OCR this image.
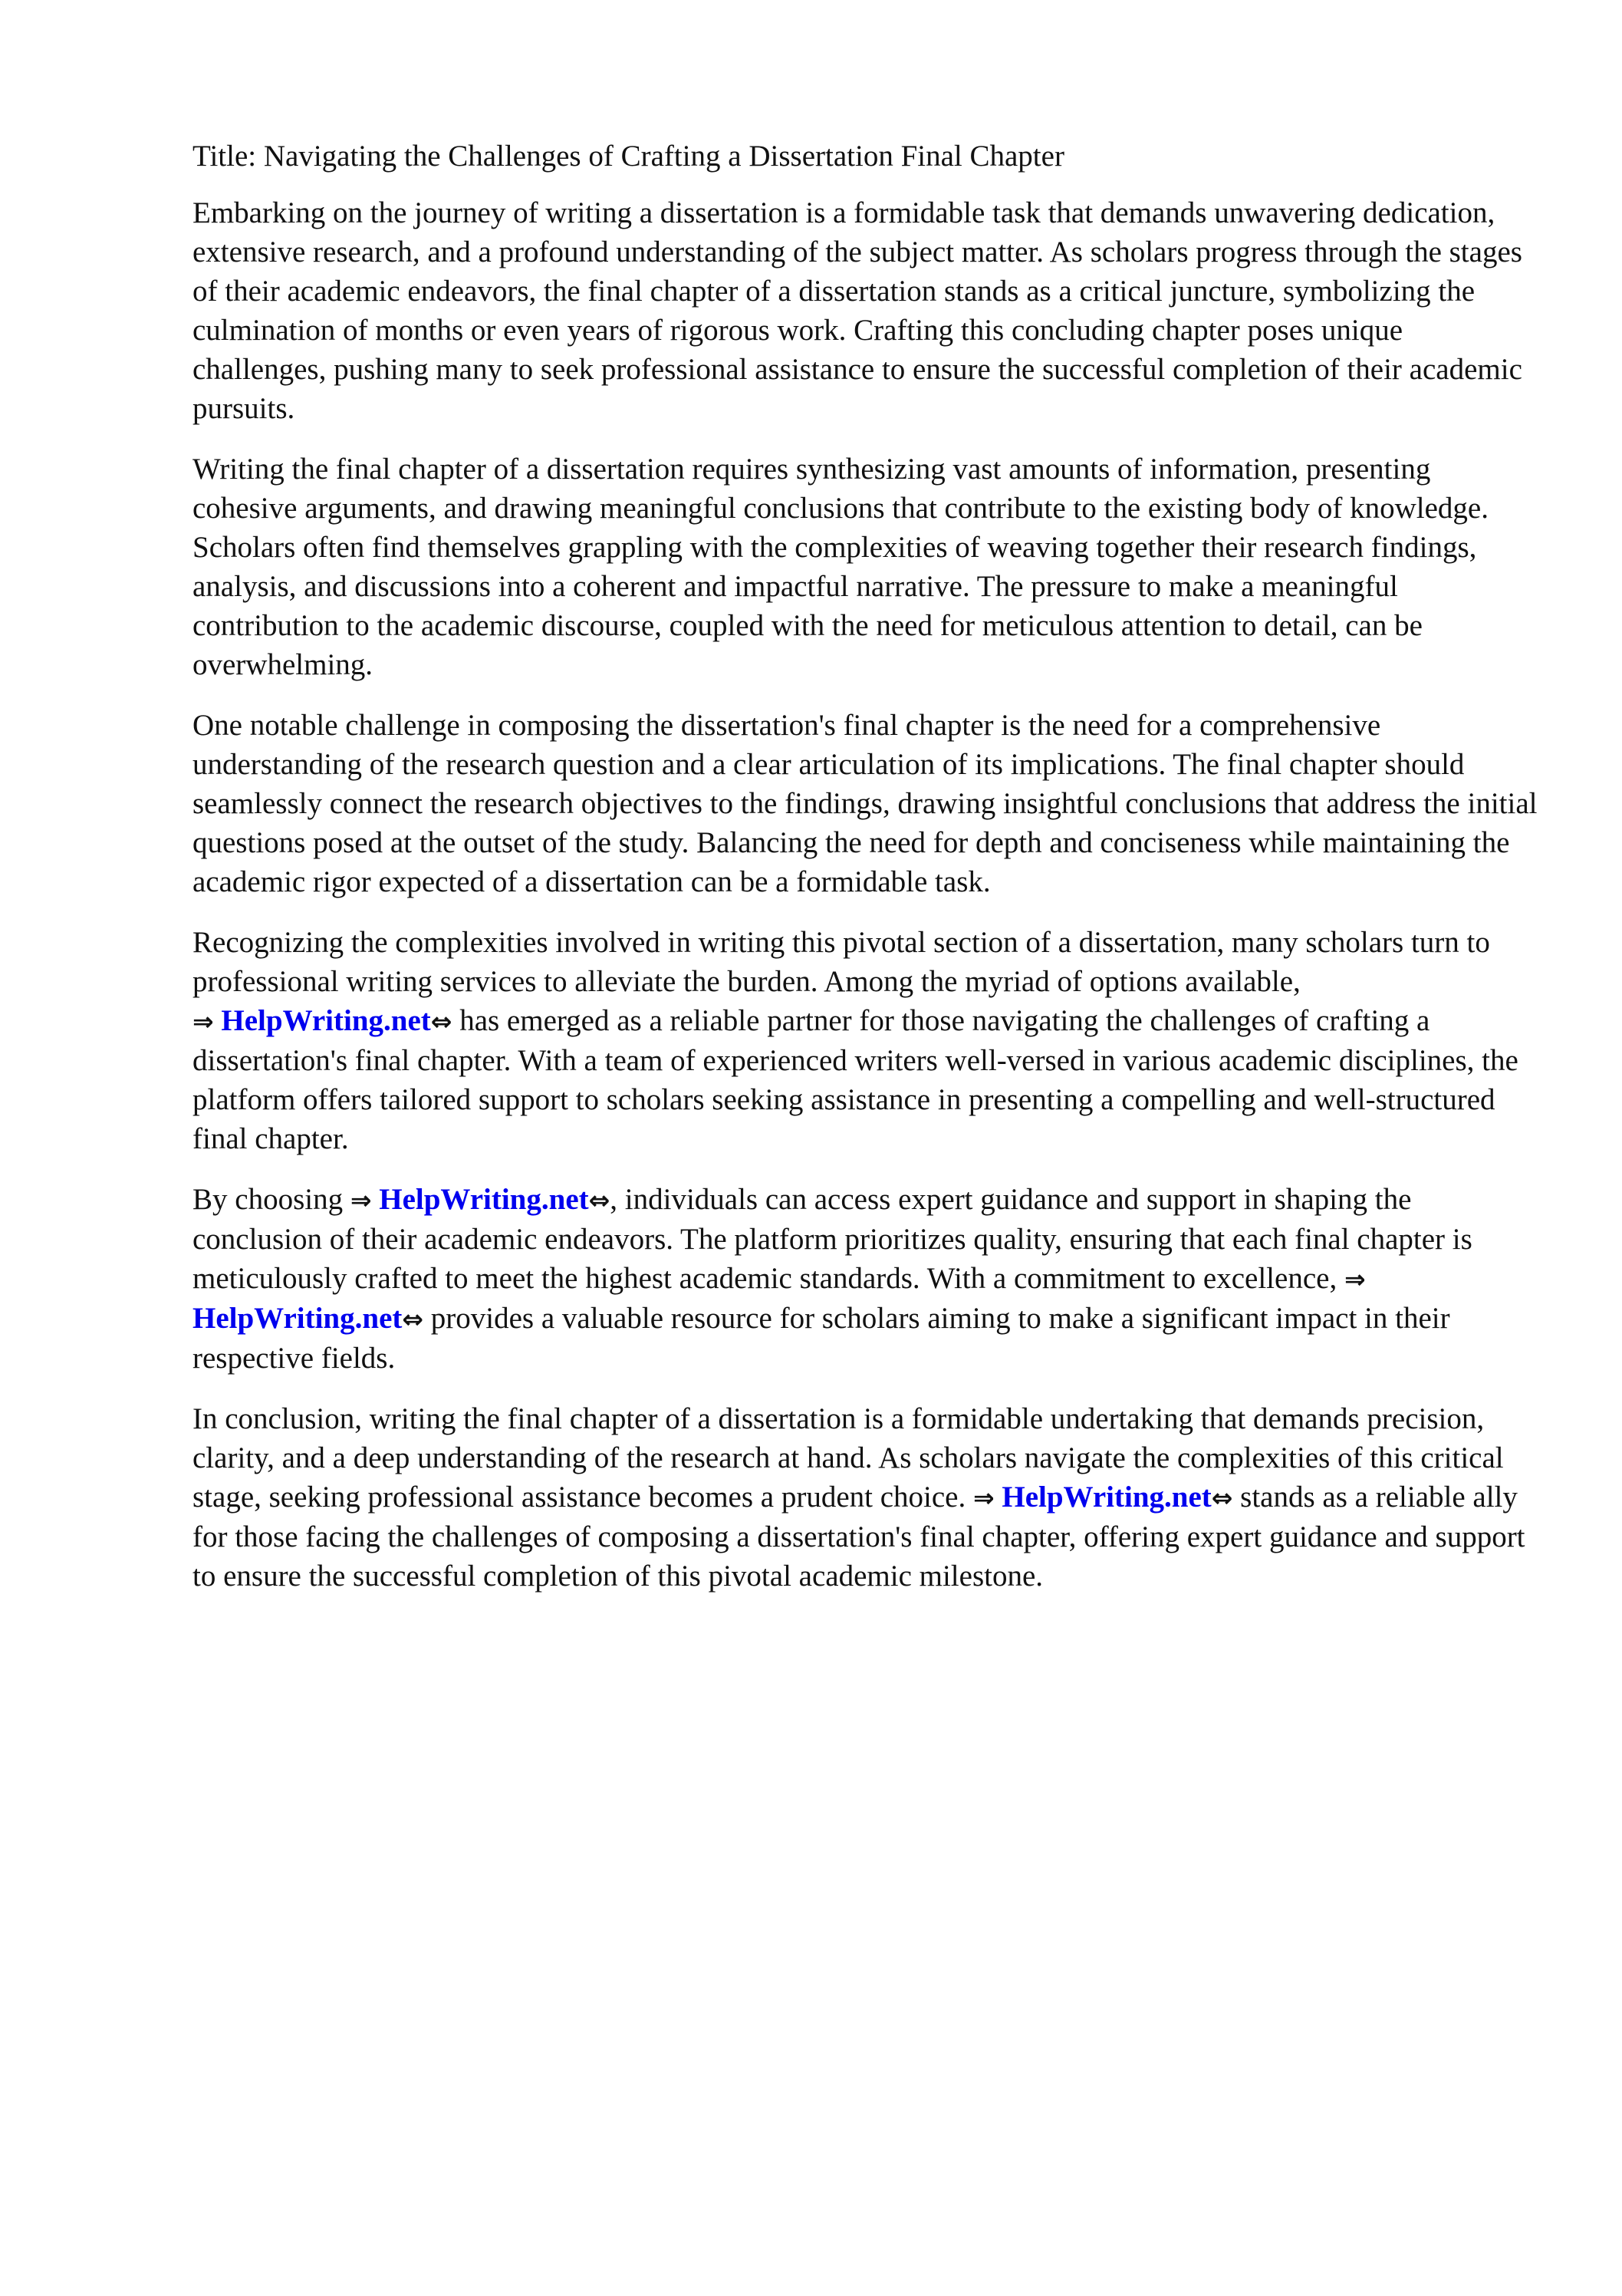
Title: Navigating the Challenges of Crafting a Dissertation Final Chapter

Embarking on the journey of writing a dissertation is a formidable task that demands unwavering dedication, extensive research, and a profound understanding of the subject matter. As scholars progress through the stages of their academic endeavors, the final chapter of a dissertation stands as a critical juncture, symbolizing the culmination of months or even years of rigorous work. Crafting this concluding chapter poses unique challenges, pushing many to seek professional assistance to ensure the successful completion of their academic pursuits.

Writing the final chapter of a dissertation requires synthesizing vast amounts of information, presenting cohesive arguments, and drawing meaningful conclusions that contribute to the existing body of knowledge. Scholars often find themselves grappling with the complexities of weaving together their research findings, analysis, and discussions into a coherent and impactful narrative. The pressure to make a meaningful contribution to the academic discourse, coupled with the need for meticulous attention to detail, can be overwhelming.

One notable challenge in composing the dissertation's final chapter is the need for a comprehensive understanding of the research question and a clear articulation of its implications. The final chapter should seamlessly connect the research objectives to the findings, drawing insightful conclusions that address the initial questions posed at the outset of the study. Balancing the need for depth and conciseness while maintaining the academic rigor expected of a dissertation can be a formidable task.

Recognizing the complexities involved in writing this pivotal section of a dissertation, many scholars turn to professional writing services to alleviate the burden. Among the myriad of options available,
⇒ HelpWriting.net⇔ has emerged as a reliable partner for those navigating the challenges of crafting a dissertation's final chapter. With a team of experienced writers well-versed in various academic disciplines, the platform offers tailored support to scholars seeking assistance in presenting a compelling and well-structured final chapter.

By choosing ⇒ HelpWriting.net⇔, individuals can access expert guidance and support in shaping the conclusion of their academic endeavors. The platform prioritizes quality, ensuring that each final chapter is meticulously crafted to meet the highest academic standards. With a commitment to excellence, ⇒ HelpWriting.net⇔ provides a valuable resource for scholars aiming to make a significant impact in their respective fields.

In conclusion, writing the final chapter of a dissertation is a formidable undertaking that demands precision, clarity, and a deep understanding of the research at hand. As scholars navigate the complexities of this critical stage, seeking professional assistance becomes a prudent choice. ⇒ HelpWriting.net⇔ stands as a reliable ally for those facing the challenges of composing a dissertation's final chapter, offering expert guidance and support to ensure the successful completion of this pivotal academic milestone.
